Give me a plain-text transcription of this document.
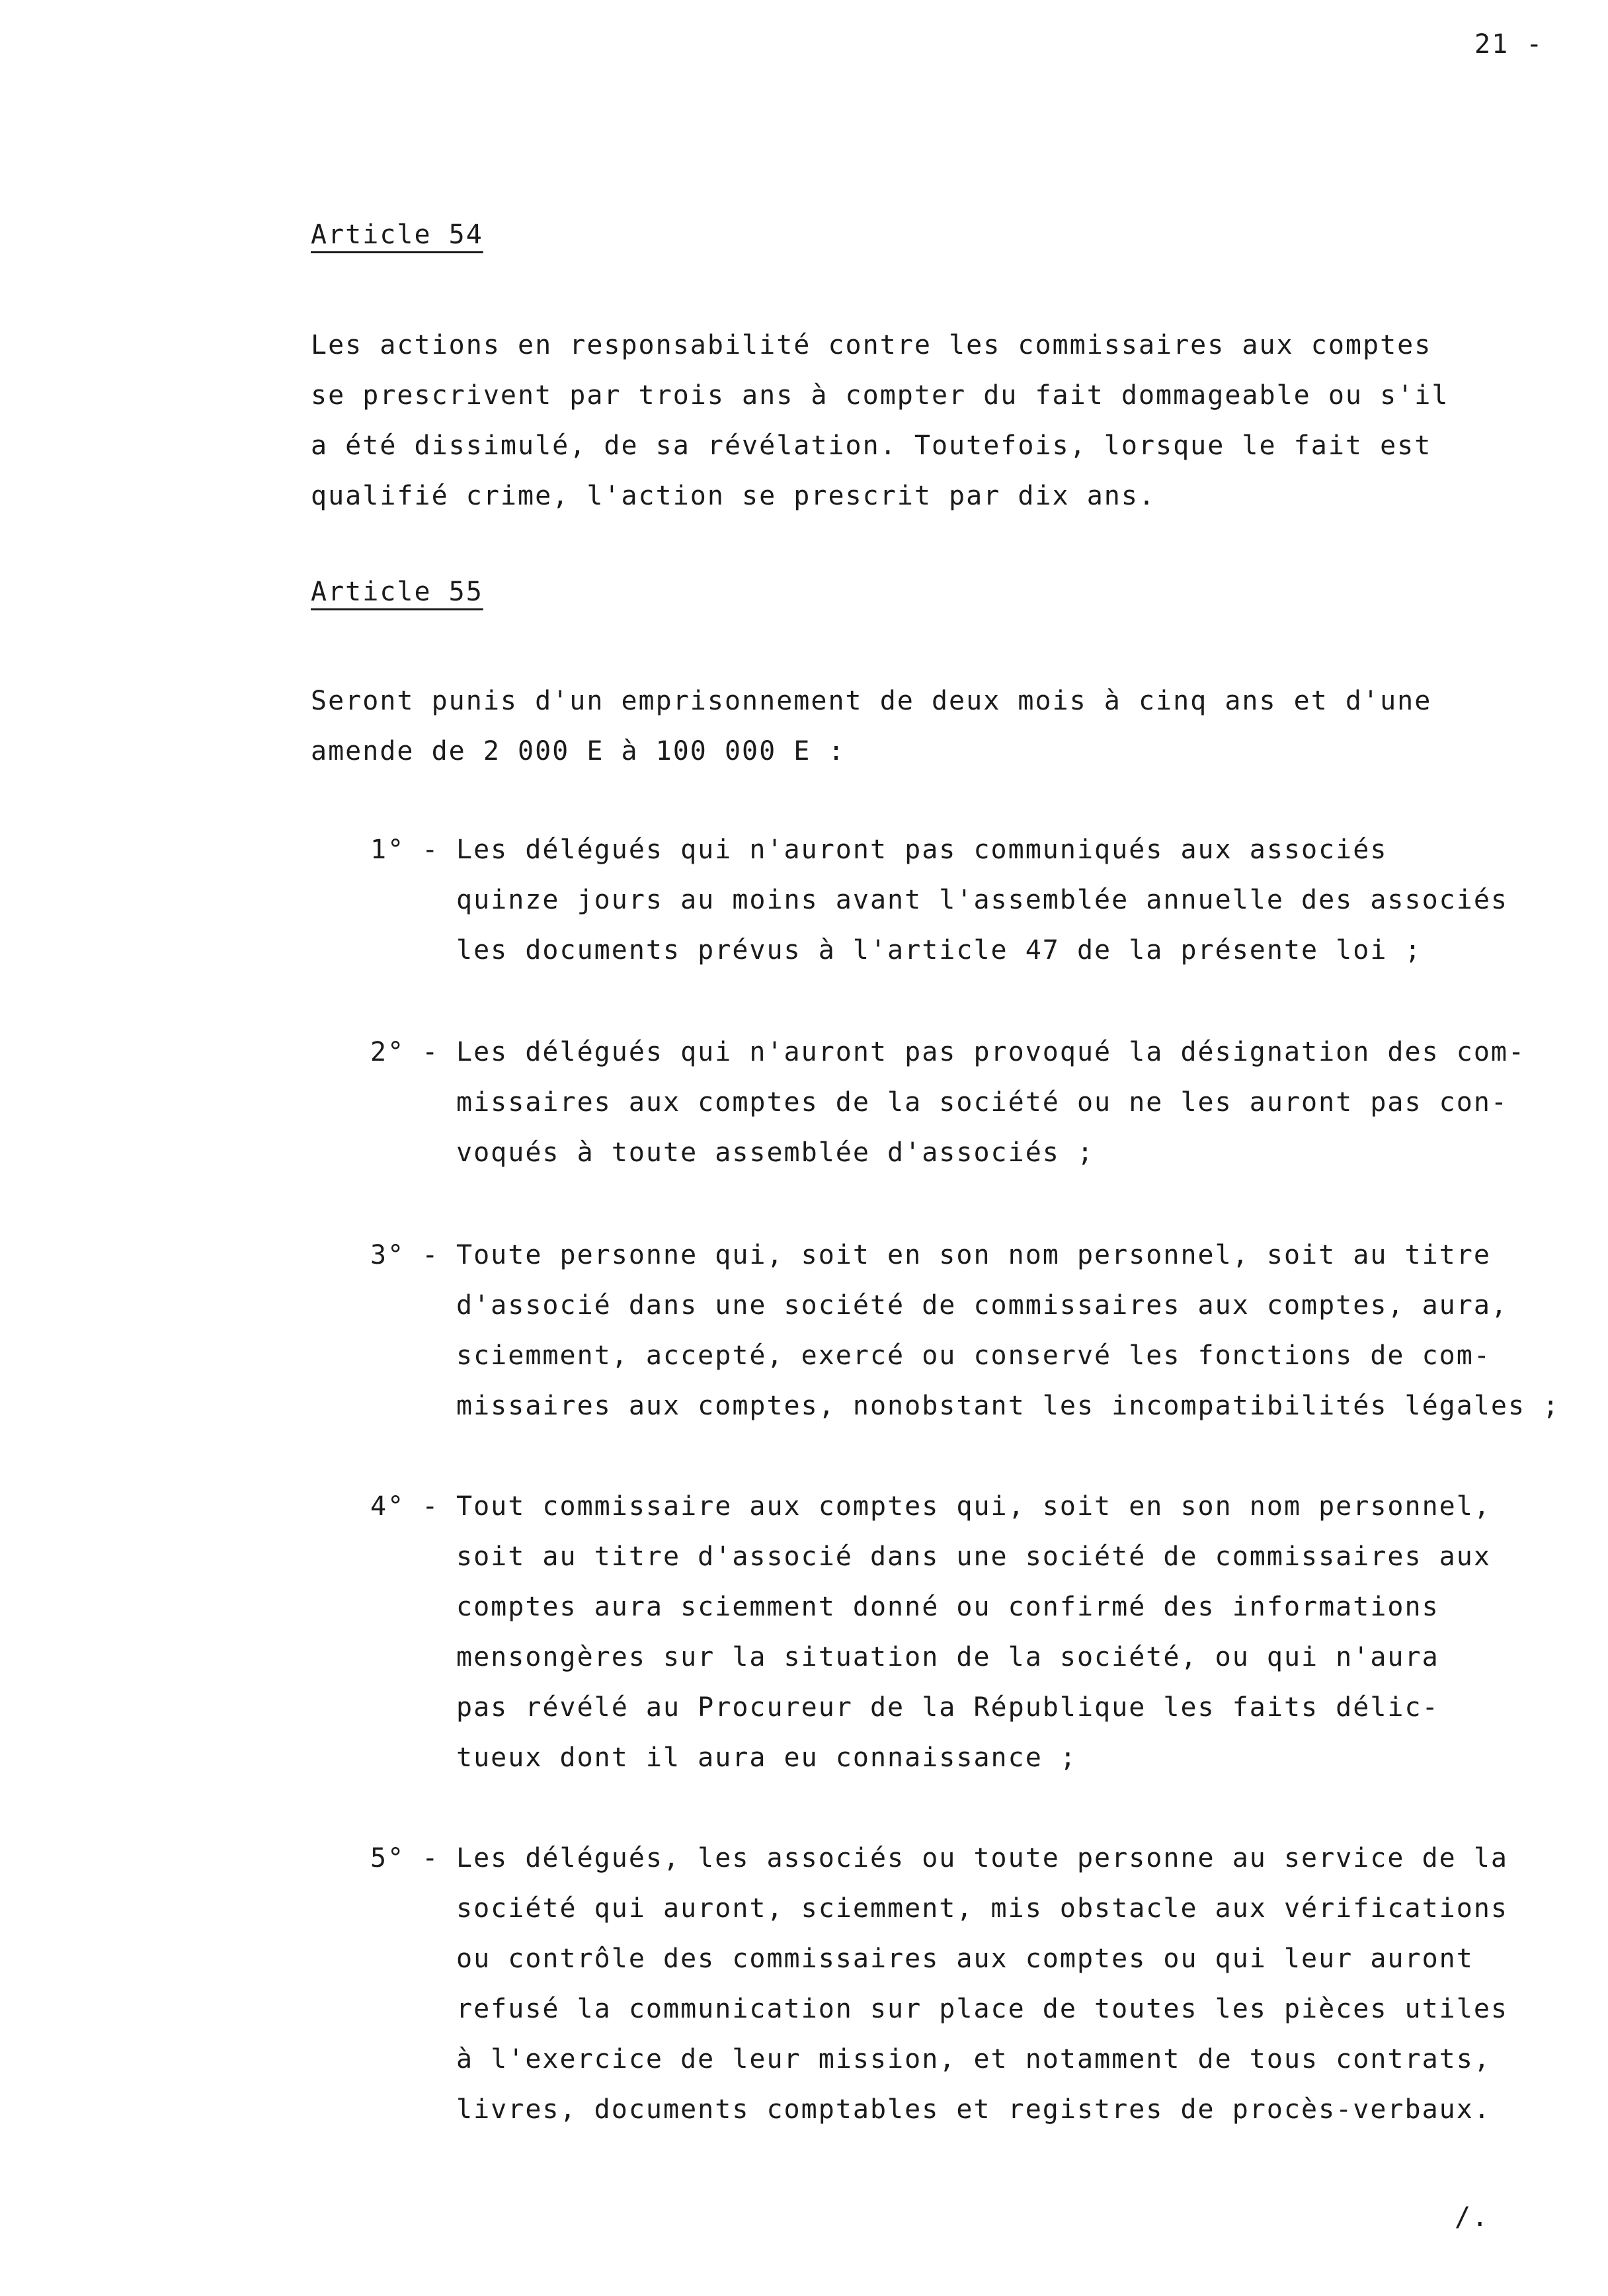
21 -
Article 54
Les actions en responsabilité contre les commissaires aux comptes
se prescrivent par trois ans à compter du fait dommageable ou s'il
a été dissimulé, de sa révélation. Toutefois, lorsque le fait est
qualifié crime, l'action se prescrit par dix ans.
Article 55
Seront punis d'un emprisonnement de deux mois à cinq ans et d'une
amende de 2 000 E à 100 000 E :
1° - Les délégués qui n'auront pas communiqués aux associés
quinze jours au moins avant l'assemblée annuelle des associés
les documents prévus à l'article 47 de la présente loi ;
2° - Les délégués qui n'auront pas provoqué la désignation des com-
missaires aux comptes de la société ou ne les auront pas con-
voqués à toute assemblée d'associés ;
3° - Toute personne qui, soit en son nom personnel, soit au titre
d'associé dans une société de commissaires aux comptes, aura,
sciemment, accepté, exercé ou conservé les fonctions de com-
missaires aux comptes, nonobstant les incompatibilités légales ;
4° - Tout commissaire aux comptes qui, soit en son nom personnel,
soit au titre d'associé dans une société de commissaires aux
comptes aura sciemment donné ou confirmé des informations
mensongères sur la situation de la société, ou qui n'aura
pas révélé au Procureur de la République les faits délic-
tueux dont il aura eu connaissance ;
5° - Les délégués, les associés ou toute personne au service de la
société qui auront, sciemment, mis obstacle aux vérifications
ou contrôle des commissaires aux comptes ou qui leur auront
refusé la communication sur place de toutes les pièces utiles
à l'exercice de leur mission, et notamment de tous contrats,
livres, documents comptables et registres de procès-verbaux.
/.
